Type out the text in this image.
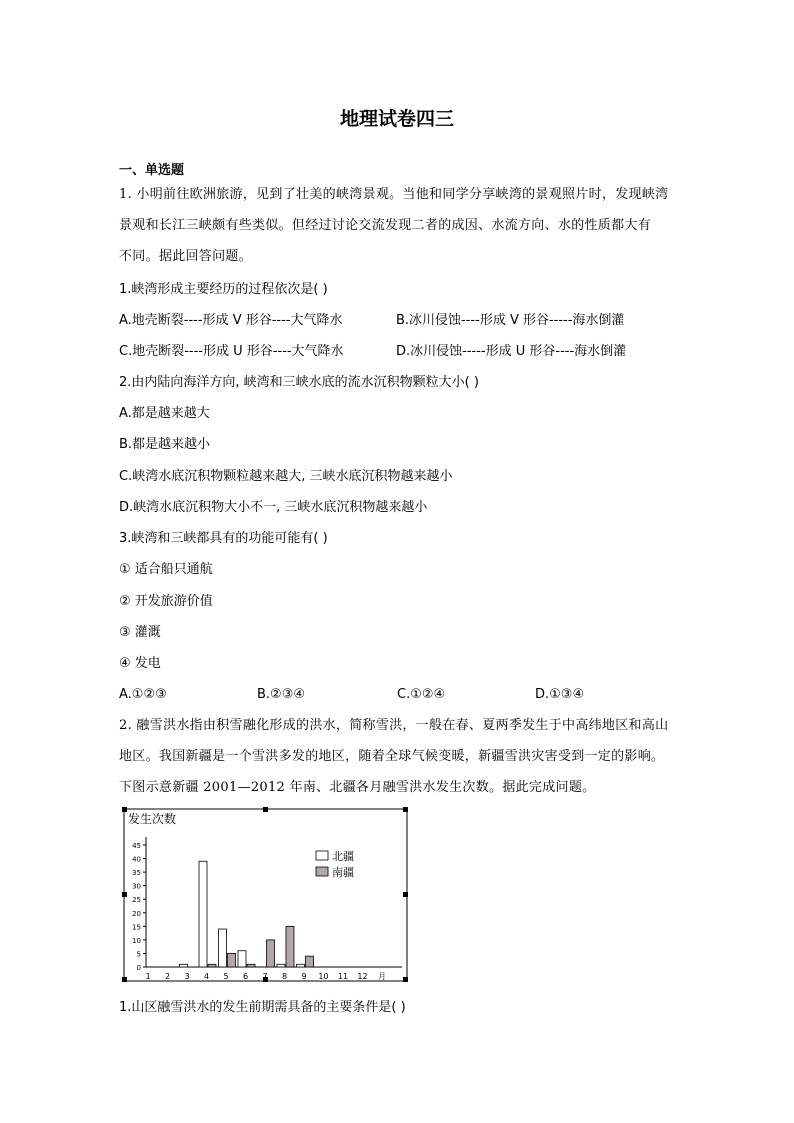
地理试卷四三
一、单选题
1. 小明前往欧洲旅游，见到了壮美的峡湾景观。当他和同学分享峡湾的景观照片时，发现峡湾
景观和长江三峡颇有些类似。但经过讨论交流发现二者的成因、水流方向、水的性质都大有
不同。据此回答问题。
1.峡湾形成主要经历的过程依次是( )
A.地壳断裂----形成 V 形谷----大气降水	B.冰川侵蚀----形成 V 形谷-----海水倒灌
C.地壳断裂----形成 U 形谷----大气降水	D.冰川侵蚀-----形成 U 形谷----海水倒灌
2.由内陆向海洋方向, 峡湾和三峡水底的流水沉积物颗粒大小( )
A.都是越来越大
B.都是越来越小
C.峡湾水底沉积物颗粒越来越大, 三峡水底沉积物越来越小
D.峡湾水底沉积物大小不一, 三峡水底沉积物越来越小
3.峡湾和三峡都具有的功能可能有( )
① 适合船只通航
② 开发旅游价值
③ 灌溉
④ 发电
A.①②③	B.②③④	C.①②④	D.①③④
2. 融雪洪水指由积雪融化形成的洪水，简称雪洪，一般在春、夏两季发生于中高纬地区和高山
地区。我国新疆是一个雪洪多发的地区，随着全球气候变暖，新疆雪洪灾害受到一定的影响。
下图示意新疆 2001—2012 年南、北疆各月融雪洪水发生次数。据此完成问题。
发生次数
0
5
10
15
20
25
30
35
40
45
1 2 3 4 5 6 7 8 9 10 11 12 月
北疆
南疆
1.山区融雪洪水的发生前期需具备的主要条件是( )
